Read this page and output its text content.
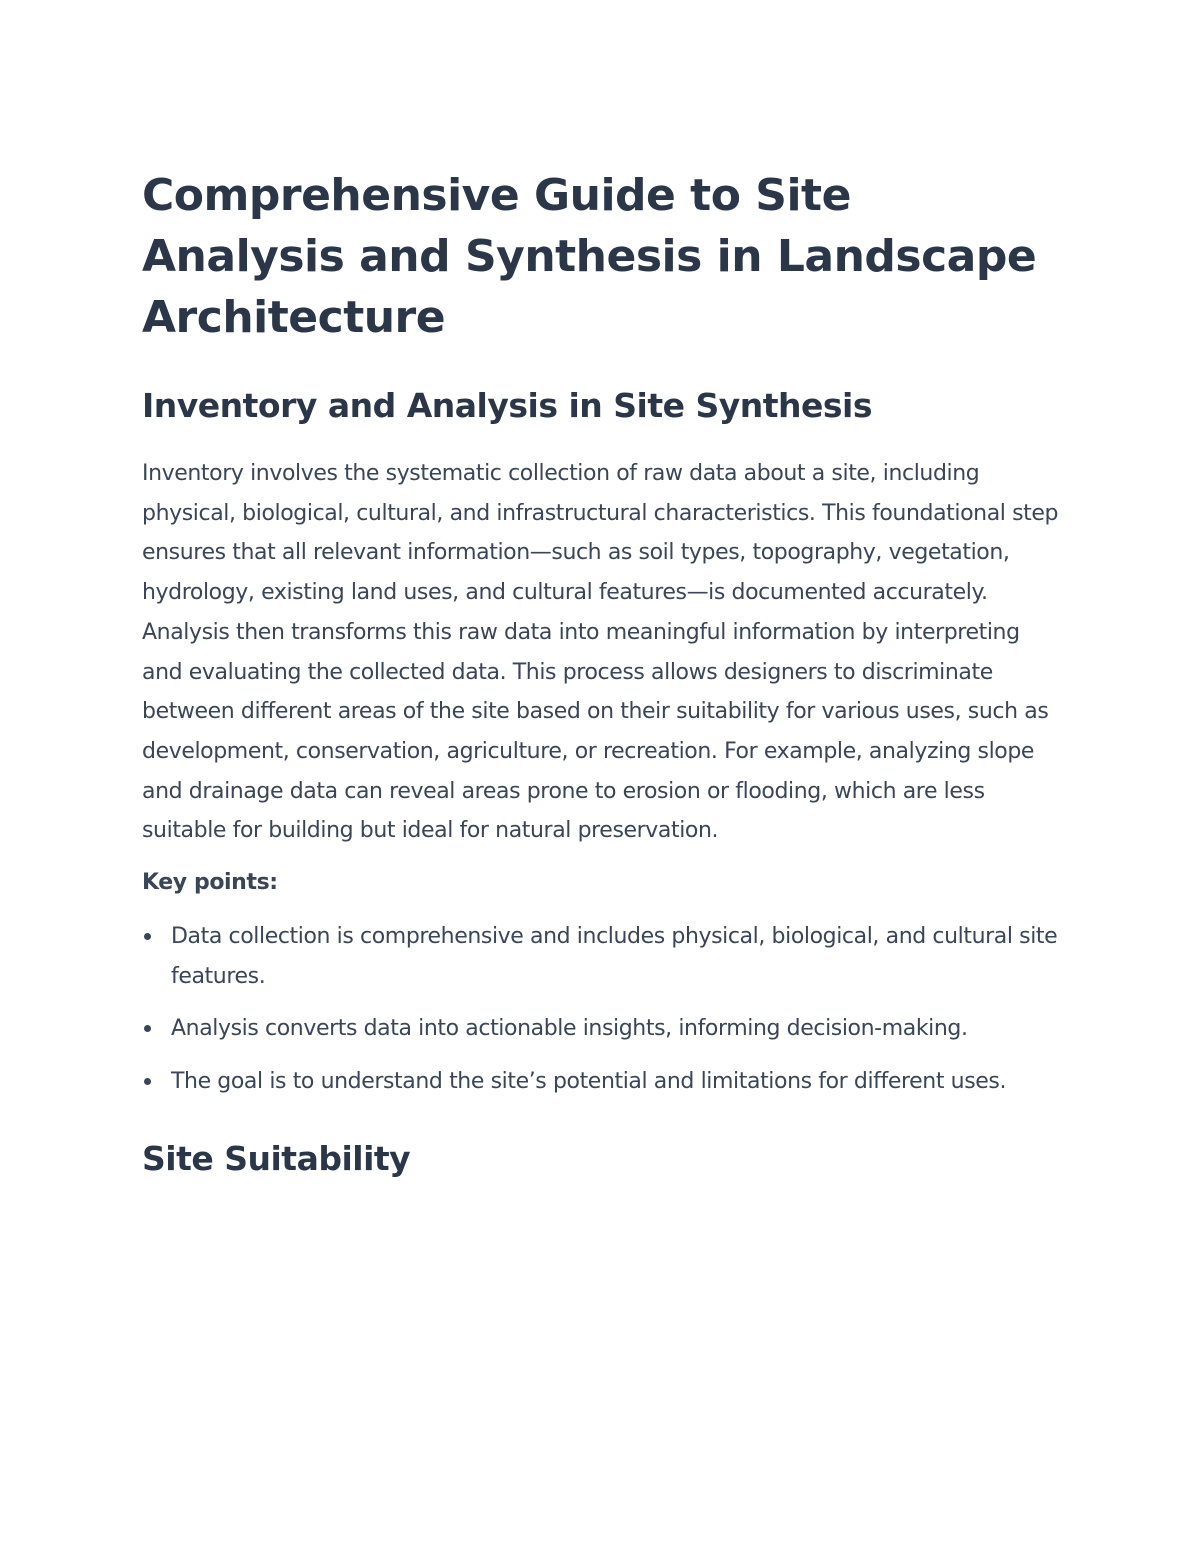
Comprehensive Guide to Site Analysis and Synthesis in Landscape Architecture
Inventory and Analysis in Site Synthesis

Inventory involves the systematic collection of raw data about a site, including physical, biological, cultural, and infrastructural characteristics. This foundational step ensures that all relevant information—such as soil types, topography, vegetation, hydrology, existing land uses, and cultural features—is documented accurately. Analysis then transforms this raw data into meaningful information by interpreting and evaluating the collected data. This process allows designers to discriminate between different areas of the site based on their suitability for various uses, such as development, conservation, agriculture, or recreation. For example, analyzing slope and drainage data can reveal areas prone to erosion or flooding, which are less suitable for building but ideal for natural preservation.

Key points:

Data collection is comprehensive and includes physical, biological, and cultural site features.
Analysis converts data into actionable insights, informing decision-making.
The goal is to understand the site’s potential and limitations for different uses.
Site Suitability
